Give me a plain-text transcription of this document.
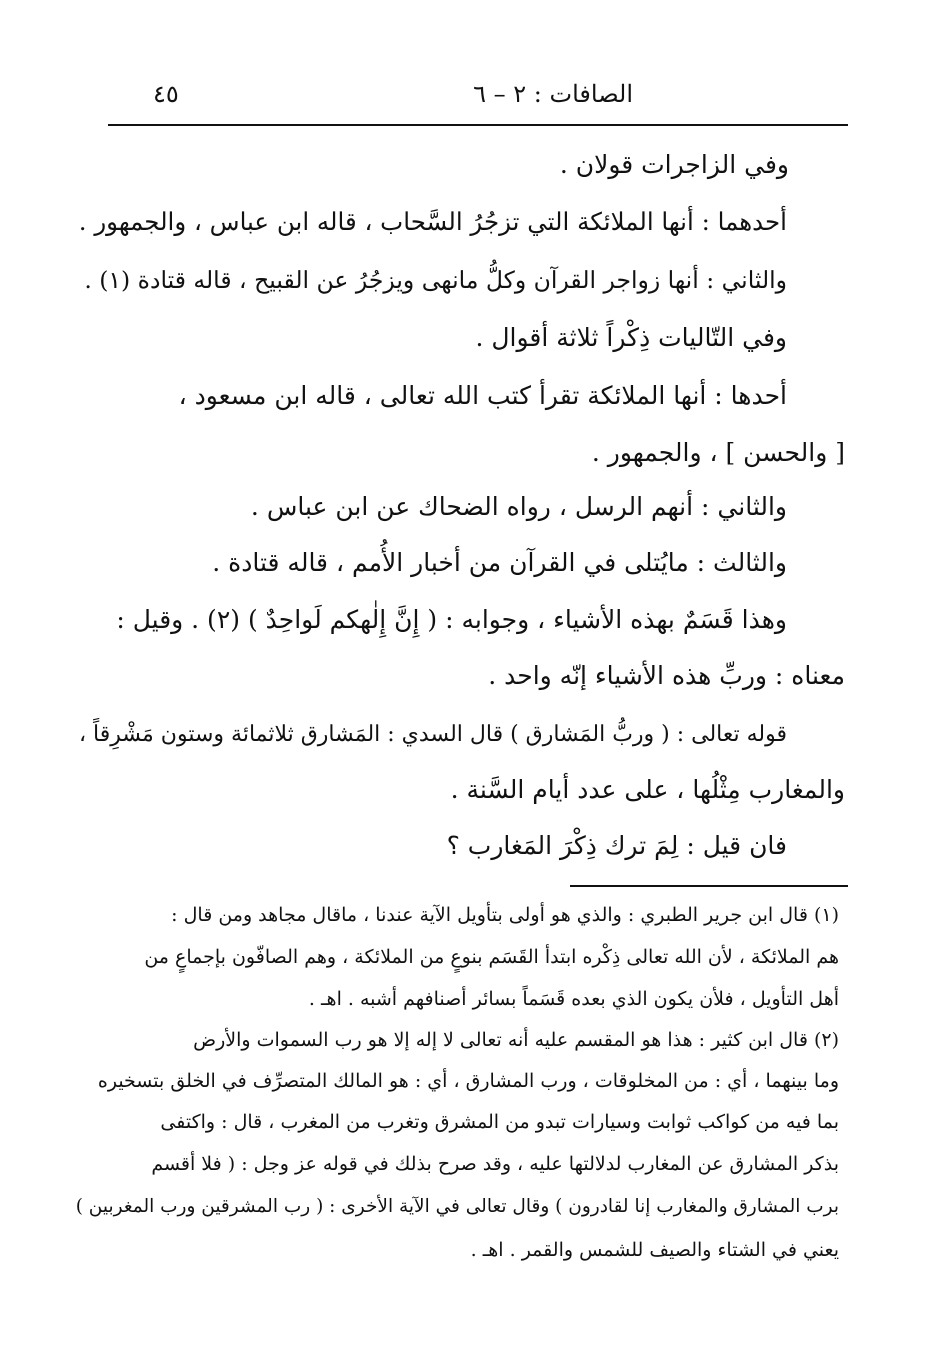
الصافات : ٢ – ٦
٤٥
وفي الزاجرات قولان .
أحدهما : أنها الملائكة التي تزجُرُ السَّحاب ، قاله ابن عباس ، والجمهور .
والثاني : أنها زواجر القرآن وكلُّ مانهى ويزجُرُ عن القبيح ، قاله قتادة (١) .
وفي التّاليات ذِكْراً ثلاثة أقوال .
أحدها : أنها الملائكة تقرأ كتب الله تعالى ، قاله ابن مسعود ،
[ والحسن ] ، والجمهور .
والثاني : أنهم الرسل ، رواه الضحاك عن ابن عباس .
والثالث : مايُتلى في القرآن من أخبار الأُمم ، قاله قتادة .
وهذا قَسَمٌ بهذه الأشياء ، وجوابه : ( إِنَّ إِلٰهكم لَواحِدٌ ) (٢) . وقيل :
معناه : وربِّ هذه الأشياء إنّه واحد .
قوله تعالى : ( وربُّ المَشارق ) قال السدي : المَشارق ثلاثمائة وستون مَشْرِقاً ،
والمغارب مِثْلُها ، على عدد أيام السَّنة .
فان قيل : لِمَ ترك ذِكْرَ المَغارب ؟
(١) قال ابن جرير الطبري : والذي هو أولى بتأويل الآية عندنا ، ماقال مجاهد ومن قال :
هم الملائكة ، لأن الله تعالى ذِكْره ابتدأ القَسَم بنوعٍ من الملائكة ، وهم الصافّون بإجماعٍ من
أهل التأويل ، فلأن يكون الذي بعده قَسَماً بسائر أصنافهم أشبه . اهـ .
(٢) قال ابن كثير : هذا هو المقسم عليه أنه تعالى لا إله إلا هو رب السموات والأرض
وما بينهما ، أي : من المخلوقات ، ورب المشارق ، أي : هو المالك المتصرِّف في الخلق بتسخيره
بما فيه من كواكب ثوابت وسيارات تبدو من المشرق وتغرب من المغرب ، قال : واكتفى
بذكر المشارق عن المغارب لدلالتها عليه ، وقد صرح بذلك في قوله عز وجل : ( فلا أقسم
برب المشارق والمغارب إنا لقادرون ) وقال تعالى في الآية الأخرى : ( رب المشرقين ورب المغربين )
يعني في الشتاء والصيف للشمس والقمر . اهـ .
